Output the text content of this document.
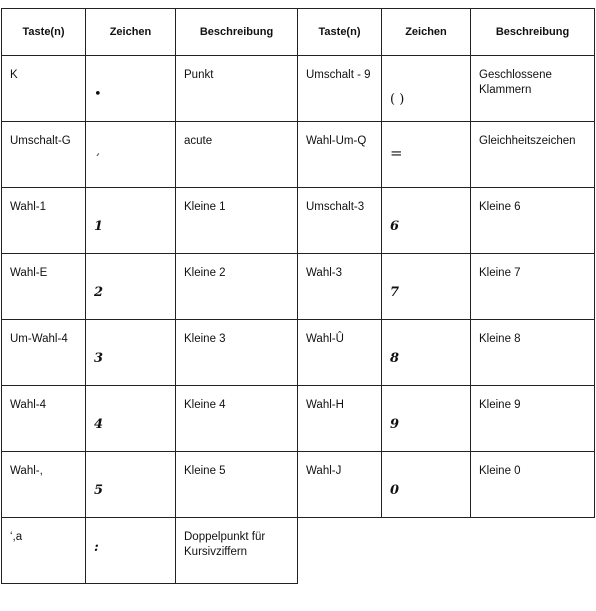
Taste(n)	Zeichen	Beschreibung	Taste(n)	Zeichen	Beschreibung
K	•	Punkt	Umschalt - 9	( )	Geschlossene Klammern
Umschalt-G	´	acute	Wahl-Um-Q	=	Gleichheitszeichen
Wahl-1	1	Kleine 1	Umschalt-3	6	Kleine 6
Wahl-E	2	Kleine 2	Wahl-3	7	Kleine 7
Um-Wahl-4	3	Kleine 3	Wahl-Û	8	Kleine 8
Wahl-4	4	Kleine 4	Wahl-H	9	Kleine 9
Wahl-,	5	Kleine 5	Wahl-J	0	Kleine 0
‘,a	:	Doppelpunkt für Kursivziffern			
